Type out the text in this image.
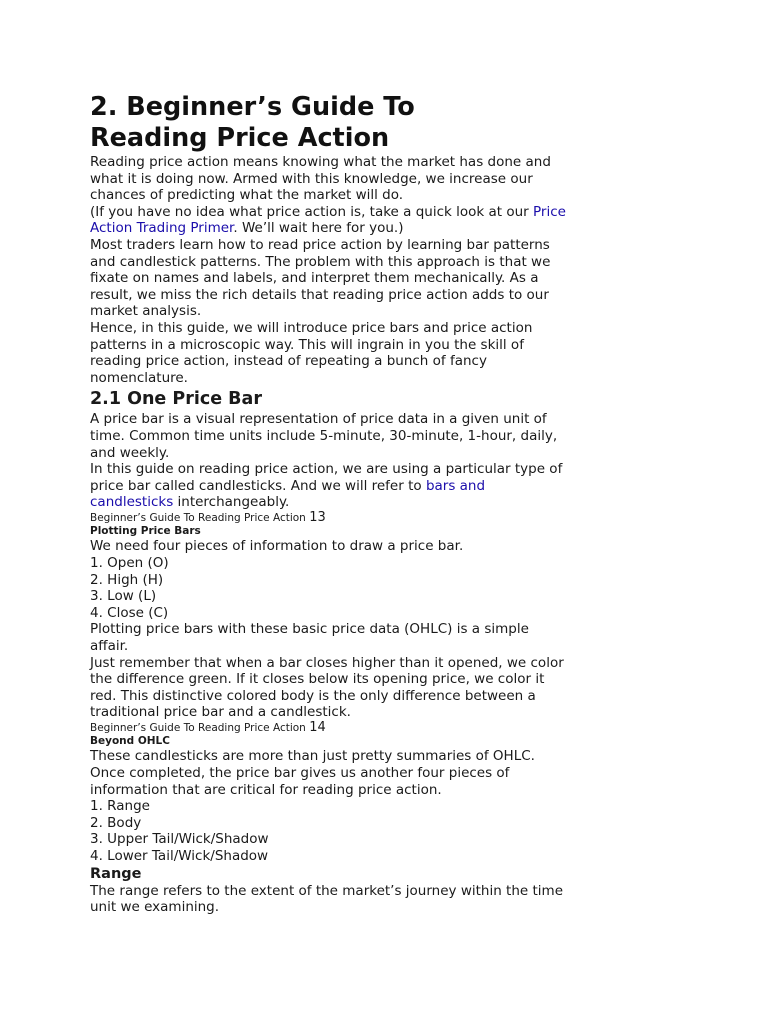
2. Beginner’s Guide To
Reading Price Action

Reading price action means knowing what the market has done and what it is doing now. Armed with this knowledge, we increase our chances of predicting what the market will do.

(If you have no idea what price action is, take a quick look at our Price Action Trading Primer. We’ll wait here for you.)

Most traders learn how to read price action by learning bar patterns and candlestick patterns. The problem with this approach is that we fixate on names and labels, and interpret them mechanically. As a result, we miss the rich details that reading price action adds to our market analysis.

Hence, in this guide, we will introduce price bars and price action patterns in a microscopic way. This will ingrain in you the skill of reading price action, instead of repeating a bunch of fancy nomenclature.

2.1 One Price Bar

A price bar is a visual representation of price data in a given unit of time. Common time units include 5-minute, 30-minute, 1-hour, daily, and weekly.

In this guide on reading price action, we are using a particular type of price bar called candlesticks. And we will refer to bars and candlesticks interchangeably.

Beginner’s Guide To Reading Price Action 13

Plotting Price Bars

We need four pieces of information to draw a price bar.

1. Open (O)

2. High (H)

3. Low (L)

4. Close (C)

Plotting price bars with these basic price data (OHLC) is a simple affair.

Just remember that when a bar closes higher than it opened, we color the difference green. If it closes below its opening price, we color it red. This distinctive colored body is the only difference between a traditional price bar and a candlestick.

Beginner’s Guide To Reading Price Action 14

Beyond OHLC

These candlesticks are more than just pretty summaries of OHLC. Once completed, the price bar gives us another four pieces of information that are critical for reading price action.

1. Range

2. Body

3. Upper Tail/Wick/Shadow

4. Lower Tail/Wick/Shadow

Range

The range refers to the extent of the market’s journey within the time unit we examining.
